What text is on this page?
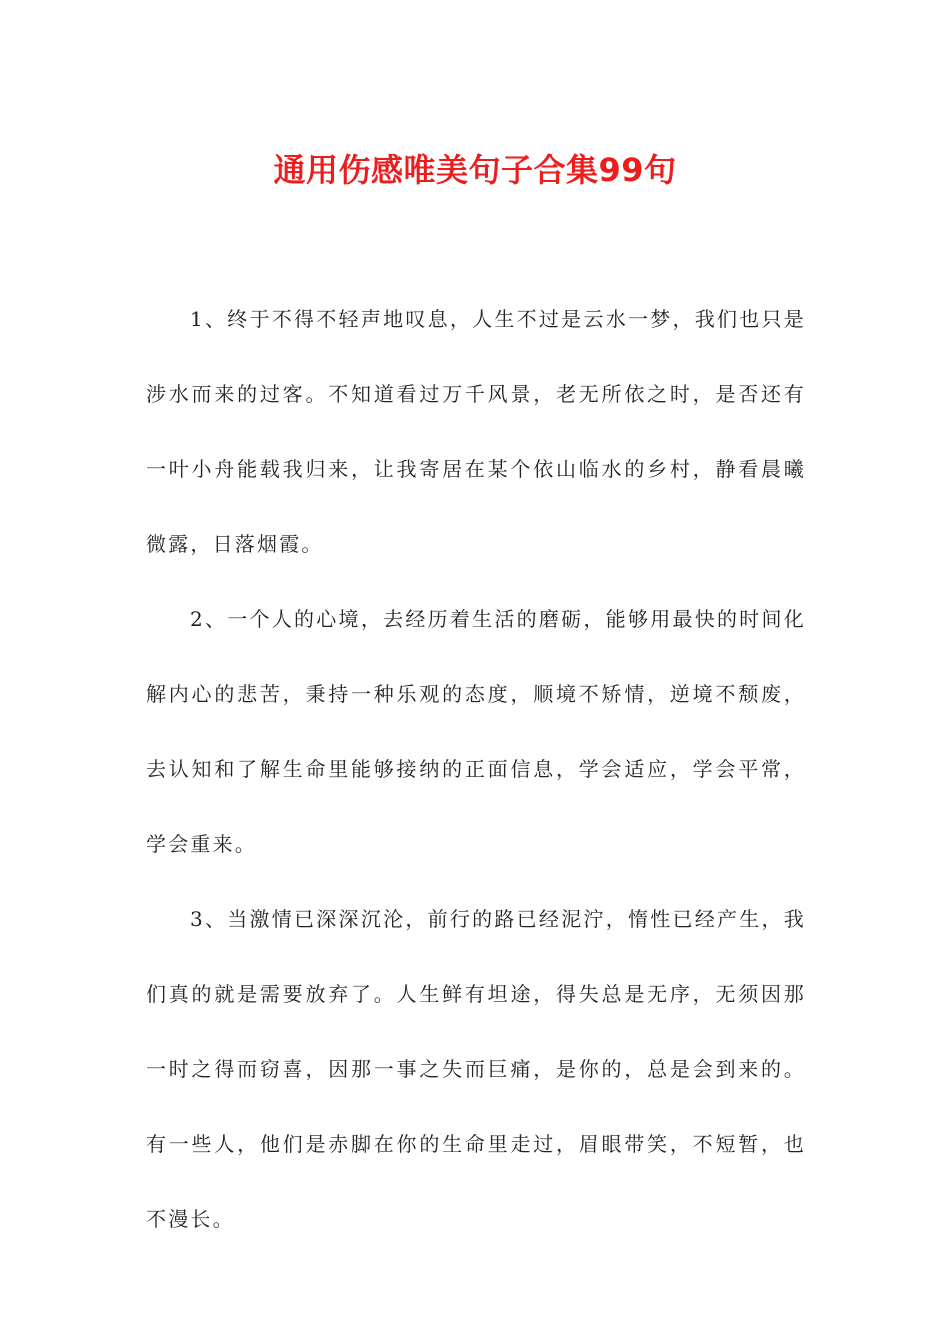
通用伤感唯美句子合集99句

1、终于不得不轻声地叹息，人生不过是云水一梦，我们也只是涉水而来的过客。不知道看过万千风景，老无所依之时，是否还有一叶小舟能载我归来，让我寄居在某个依山临水的乡村，静看晨曦微露，日落烟霞。

2、一个人的心境，去经历着生活的磨砺，能够用最快的时间化解内心的悲苦，秉持一种乐观的态度，顺境不矫情，逆境不颓废，去认知和了解生命里能够接纳的正面信息，学会适应，学会平常，学会重来。

3、当激情已深深沉沦，前行的路已经泥泞，惰性已经产生，我们真的就是需要放弃了。人生鲜有坦途，得失总是无序，无须因那一时之得而窃喜，因那一事之失而巨痛，是你的，总是会到来的。有一些人，他们是赤脚在你的生命里走过，眉眼带笑，不短暂，也不漫长。
